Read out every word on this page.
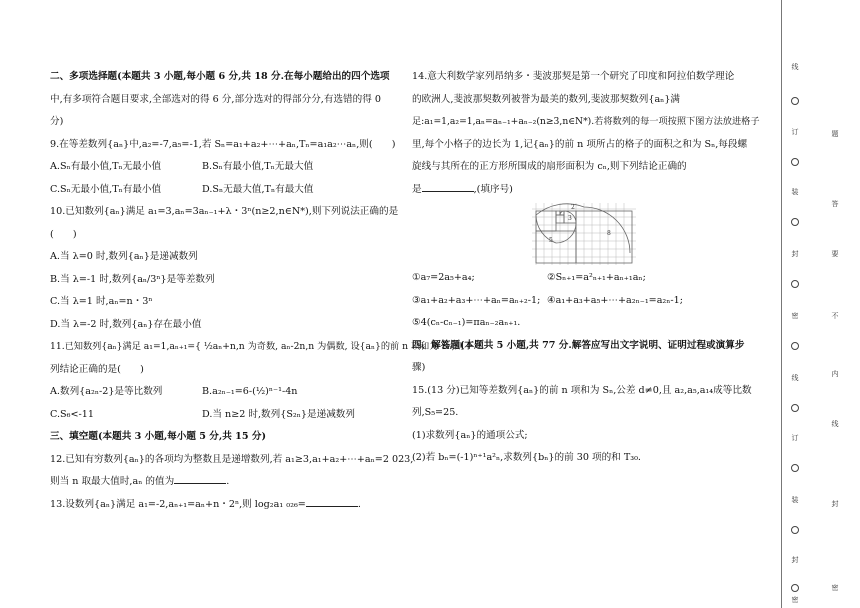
二、多项选择题(本题共 3 小题,每小题 6 分,共 18 分.在每小题给出的四个选项
中,有多项符合题目要求,全部选对的得 6 分,部分选对的得部分分,有选错的得 0
分)
9.在等差数列{aₙ}中,a₂=-7,a₅=-1,若 Sₙ=a₁+a₂+⋯+aₙ,Tₙ=a₁a₂⋯aₙ,则(　　)
A.Sₙ有最小值,Tₙ无最小值	B.Sₙ有最小值,Tₙ无最大值
C.Sₙ无最小值,Tₙ有最小值	D.Sₙ无最大值,Tₙ有最大值
10.已知数列{aₙ}满足 a₁=3,aₙ=3aₙ₋₁+λ・3ⁿ(n≥2,n∈N*),则下列说法正确的是
(　　)
A.当 λ=0 时,数列{aₙ}是递减数列
B.当 λ=-1 时,数列{aₙ/3ⁿ}是等差数列
C.当 λ=1 时,aₙ=n・3ⁿ
D.当 λ=-2 时,数列{aₙ}存在最小值
11.已知数列{aₙ}满足 a₁=1,aₙ₊₁={ ½aₙ+n,n 为奇数, aₙ-2n,n 为偶数, 设{aₙ}的前 n 项和为 Sₙ,则下
列结论正确的是(　　)
A.数列{a₂ₙ-2}是等比数列	B.a₂ₙ₋₁=6-(½)ⁿ⁻¹-4n
C.S₆<-11	D.当 n≥2 时,数列{S₂ₙ}是递减数列
三、填空题(本题共 3 小题,每小题 5 分,共 15 分)
12.已知有穷数列{aₙ}的各项均为整数且是递增数列,若 a₁≥3,a₁+a₂+⋯+aₙ=2 023,
则当 n 取最大值时,aₙ 的值为	.
13.设数列{aₙ}满足 a₁=-2,aₙ₊₁=aₙ+n・2ⁿ,则 log₂a₁ ₀₂₆=	.
14.意大利数学家列昂纳多・斐波那契是第一个研究了印度和阿拉伯数学理论
的欧洲人,斐波那契数列被誉为最美的数列,斐波那契数列{aₙ}满
足:a₁=1,a₂=1,aₙ=aₙ₋₁+aₙ₋₂(n≥3,n∈N*).若将数列的每一项按照下图方法放进格子
里,每个小格子的边长为 1,记{aₙ}的前 n 项所占的格子的面积之和为 Sₙ,每段螺
旋线与其所在的正方形所围成的扇形面积为 cₙ,则下列结论正确的
是	,(填序号)
2
3
5
8
①a₇=2a₅+a₄;	②Sₙ₊₁=a²ₙ₊₁+aₙ₊₁aₙ;
③a₁+a₂+a₃+⋯+aₙ=aₙ₊₂-1; ④a₁+a₃+a₅+⋯+a₂ₙ₋₁=a₂ₙ-1;
⑤4(cₙ-cₙ₋₁)=πaₙ₋₂aₙ₊₁.
四、解答题(本题共 5 小题,共 77 分.解答应写出文字说明、证明过程或演算步
骤)
15.(13 分)已知等差数列{aₙ}的前 n 项和为 Sₙ,公差 d≠0,且 a₂,a₅,a₁₄成等比数
列,S₅=25.
(1)求数列{aₙ}的通项公式;
(2)若 bₙ=(-1)ⁿ⁺¹a²ₙ,求数列{bₙ}的前 30 项的和 T₃₀.
线
订
装
封
密
线
订
装
封
密
题
答
要
不
内
线
封
密
